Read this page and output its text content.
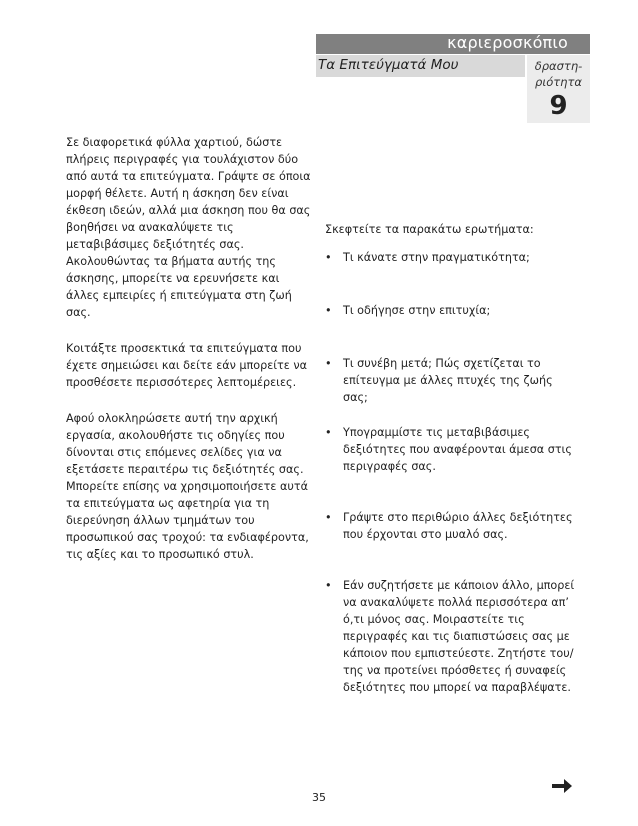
καριεροσκόπιο
Τα Επιτεύγματά Μου	δραστη-
ριότητα
9

Σε διαφορετικά φύλλα χαρτιού, δώστε πλήρεις περιγραφές για τουλάχιστον δύο από αυτά τα επιτεύγματα. Γράψτε σε όποια μορφή θέλετε. Αυτή η άσκηση δεν είναι έκθεση ιδεών, αλλά μια άσκηση που θα σας βοηθήσει να ανακαλύψετε τις μεταβιβάσιμες δεξιότητές σας. Ακολουθώντας τα βήματα αυτής της άσκησης, μπορείτε να ερευνήσετε και άλλες εμπειρίες ή επιτεύγματα στη ζωή σας.

Κοιτάξτε προσεκτικά τα επιτεύγματα που έχετε σημειώσει και δείτε εάν μπορείτε να προσθέσετε περισσότερες λεπτομέρειες.

Αφού ολοκληρώσετε αυτή την αρχική εργασία, ακολουθήστε τις οδηγίες που δίνονται στις επόμενες σελίδες για να εξετάσετε περαιτέρω τις δεξιότητές σας. Μπορείτε επίσης να χρησιμοποιήσετε αυτά τα επιτεύγματα ως αφετηρία για τη διερεύνηση άλλων τμημάτων του προσωπικού σας τροχού: τα ενδιαφέροντα, τις αξίες και το προσωπικό στυλ.

Σκεφτείτε τα παρακάτω ερωτήματα:
•	Τι κάνατε στην πραγματικότητα;
•	Τι οδήγησε στην επιτυχία;
•	Τι συνέβη μετά; Πώς σχετίζεται το επίτευγμα με άλλες πτυχές της ζωής σας;
•	Υπογραμμίστε τις μεταβιβάσιμες δεξιότητες που αναφέρονται άμεσα στις περιγραφές σας.
•	Γράψτε στο περιθώριο άλλες δεξιότητες που έρχονται στο μυαλό σας.
•	Εάν συζητήσετε με κάποιον άλλο, μπορεί να ανακαλύψετε πολλά περισσότερα απ’ ό,τι μόνος σας. Μοιραστείτε τις περιγραφές και τις διαπιστώσεις σας με κάποιον που εμπιστεύεστε. Ζητήστε του/της να προτείνει πρόσθετες ή συναφείς δεξιότητες που μπορεί να παραβλέψατε.
35
